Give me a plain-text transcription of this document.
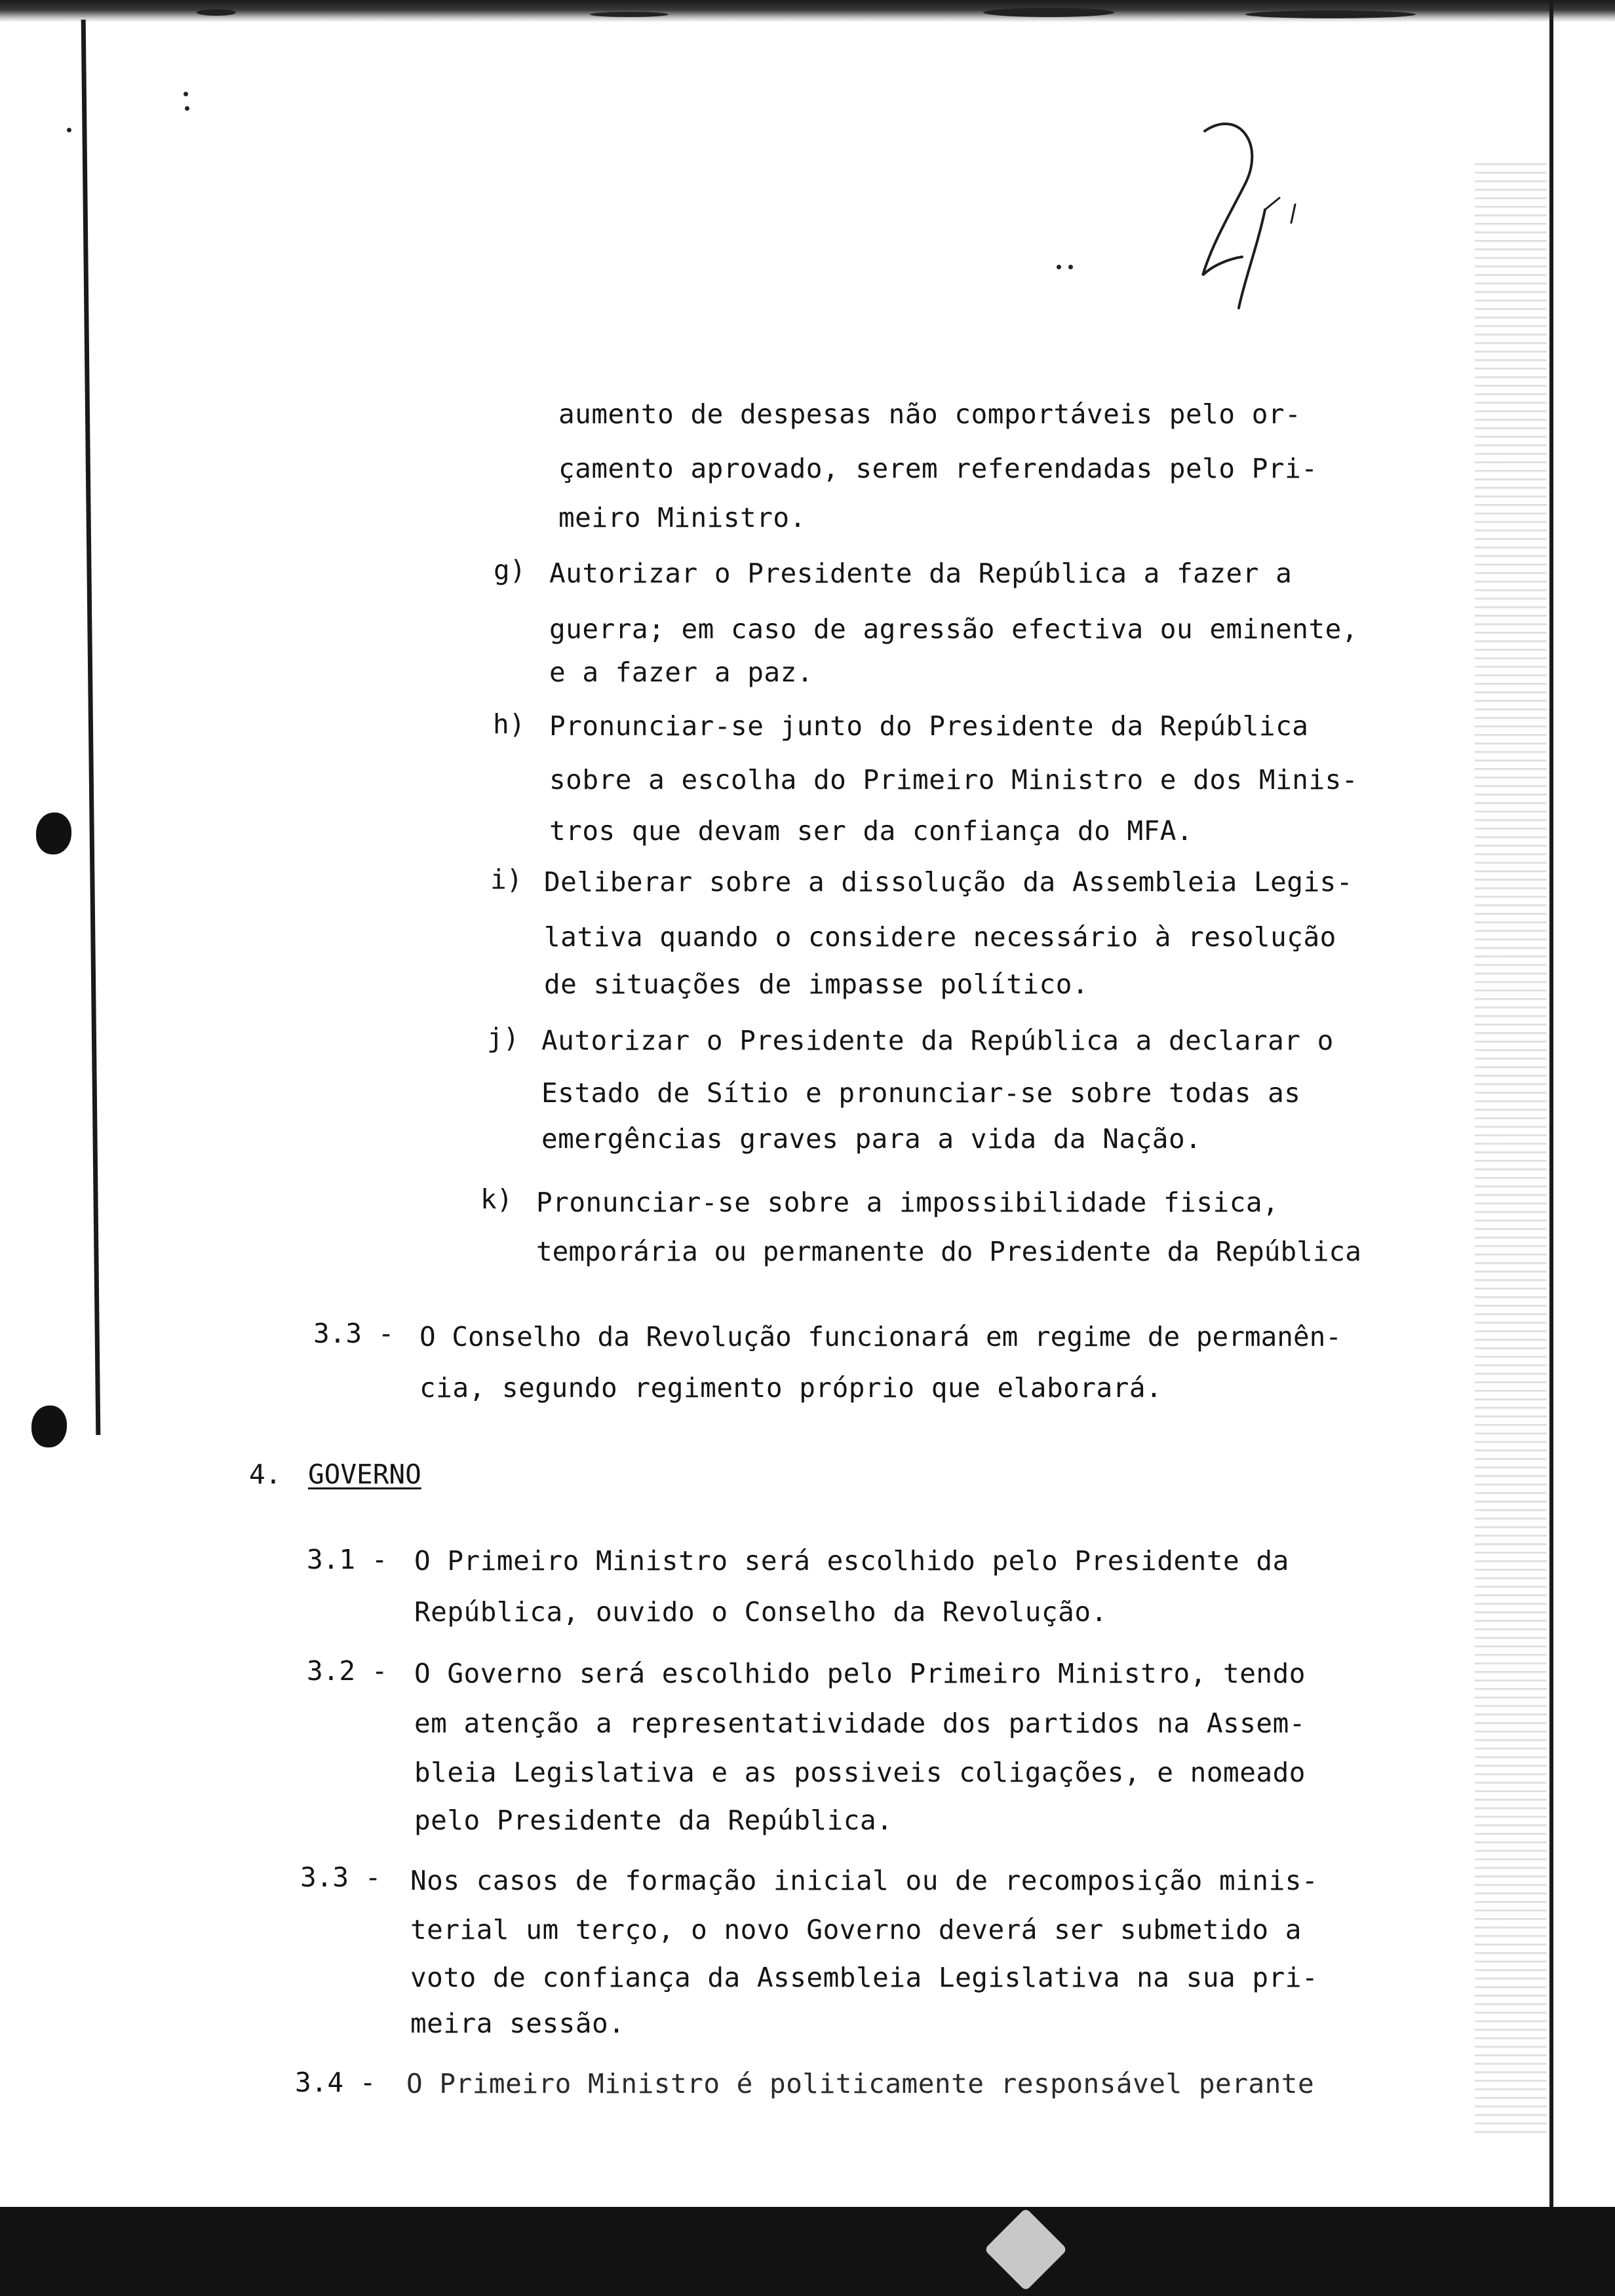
aumento de despesas não comportáveis pelo or-
çamento aprovado, serem referendadas pelo Pri-
meiro Ministro.
g) Autorizar o Presidente da República a fazer a
guerra; em caso de agressão efectiva ou eminente,
e a fazer a paz.
h) Pronunciar-se junto do Presidente da República
sobre a escolha do Primeiro Ministro e dos Minis-
tros que devam ser da confiança do MFA.
i) Deliberar sobre a dissolução da Assembleia Legis-
lativa quando o considere necessário à resolução
de situações de impasse político.
j) Autorizar o Presidente da República a declarar o
Estado de Sítio e pronunciar-se sobre todas as
emergências graves para a vida da Nação.
k) Pronunciar-se sobre a impossibilidade fisica,
temporária ou permanente do Presidente da República
3.3 - O Conselho da Revolução funcionará em regime de permanên-
cia, segundo regimento próprio que elaborará.
4. GOVERNO
3.1 - O Primeiro Ministro será escolhido pelo Presidente da
República, ouvido o Conselho da Revolução.
3.2 - O Governo será escolhido pelo Primeiro Ministro, tendo
em atenção a representatividade dos partidos na Assem-
bleia Legislativa e as possiveis coligações, e nomeado
pelo Presidente da República.
3.3 - Nos casos de formação inicial ou de recomposição minis-
terial um terço, o novo Governo deverá ser submetido a
voto de confiança da Assembleia Legislativa na sua pri-
meira sessão.
3.4 - O Primeiro Ministro é politicamente responsável perante
